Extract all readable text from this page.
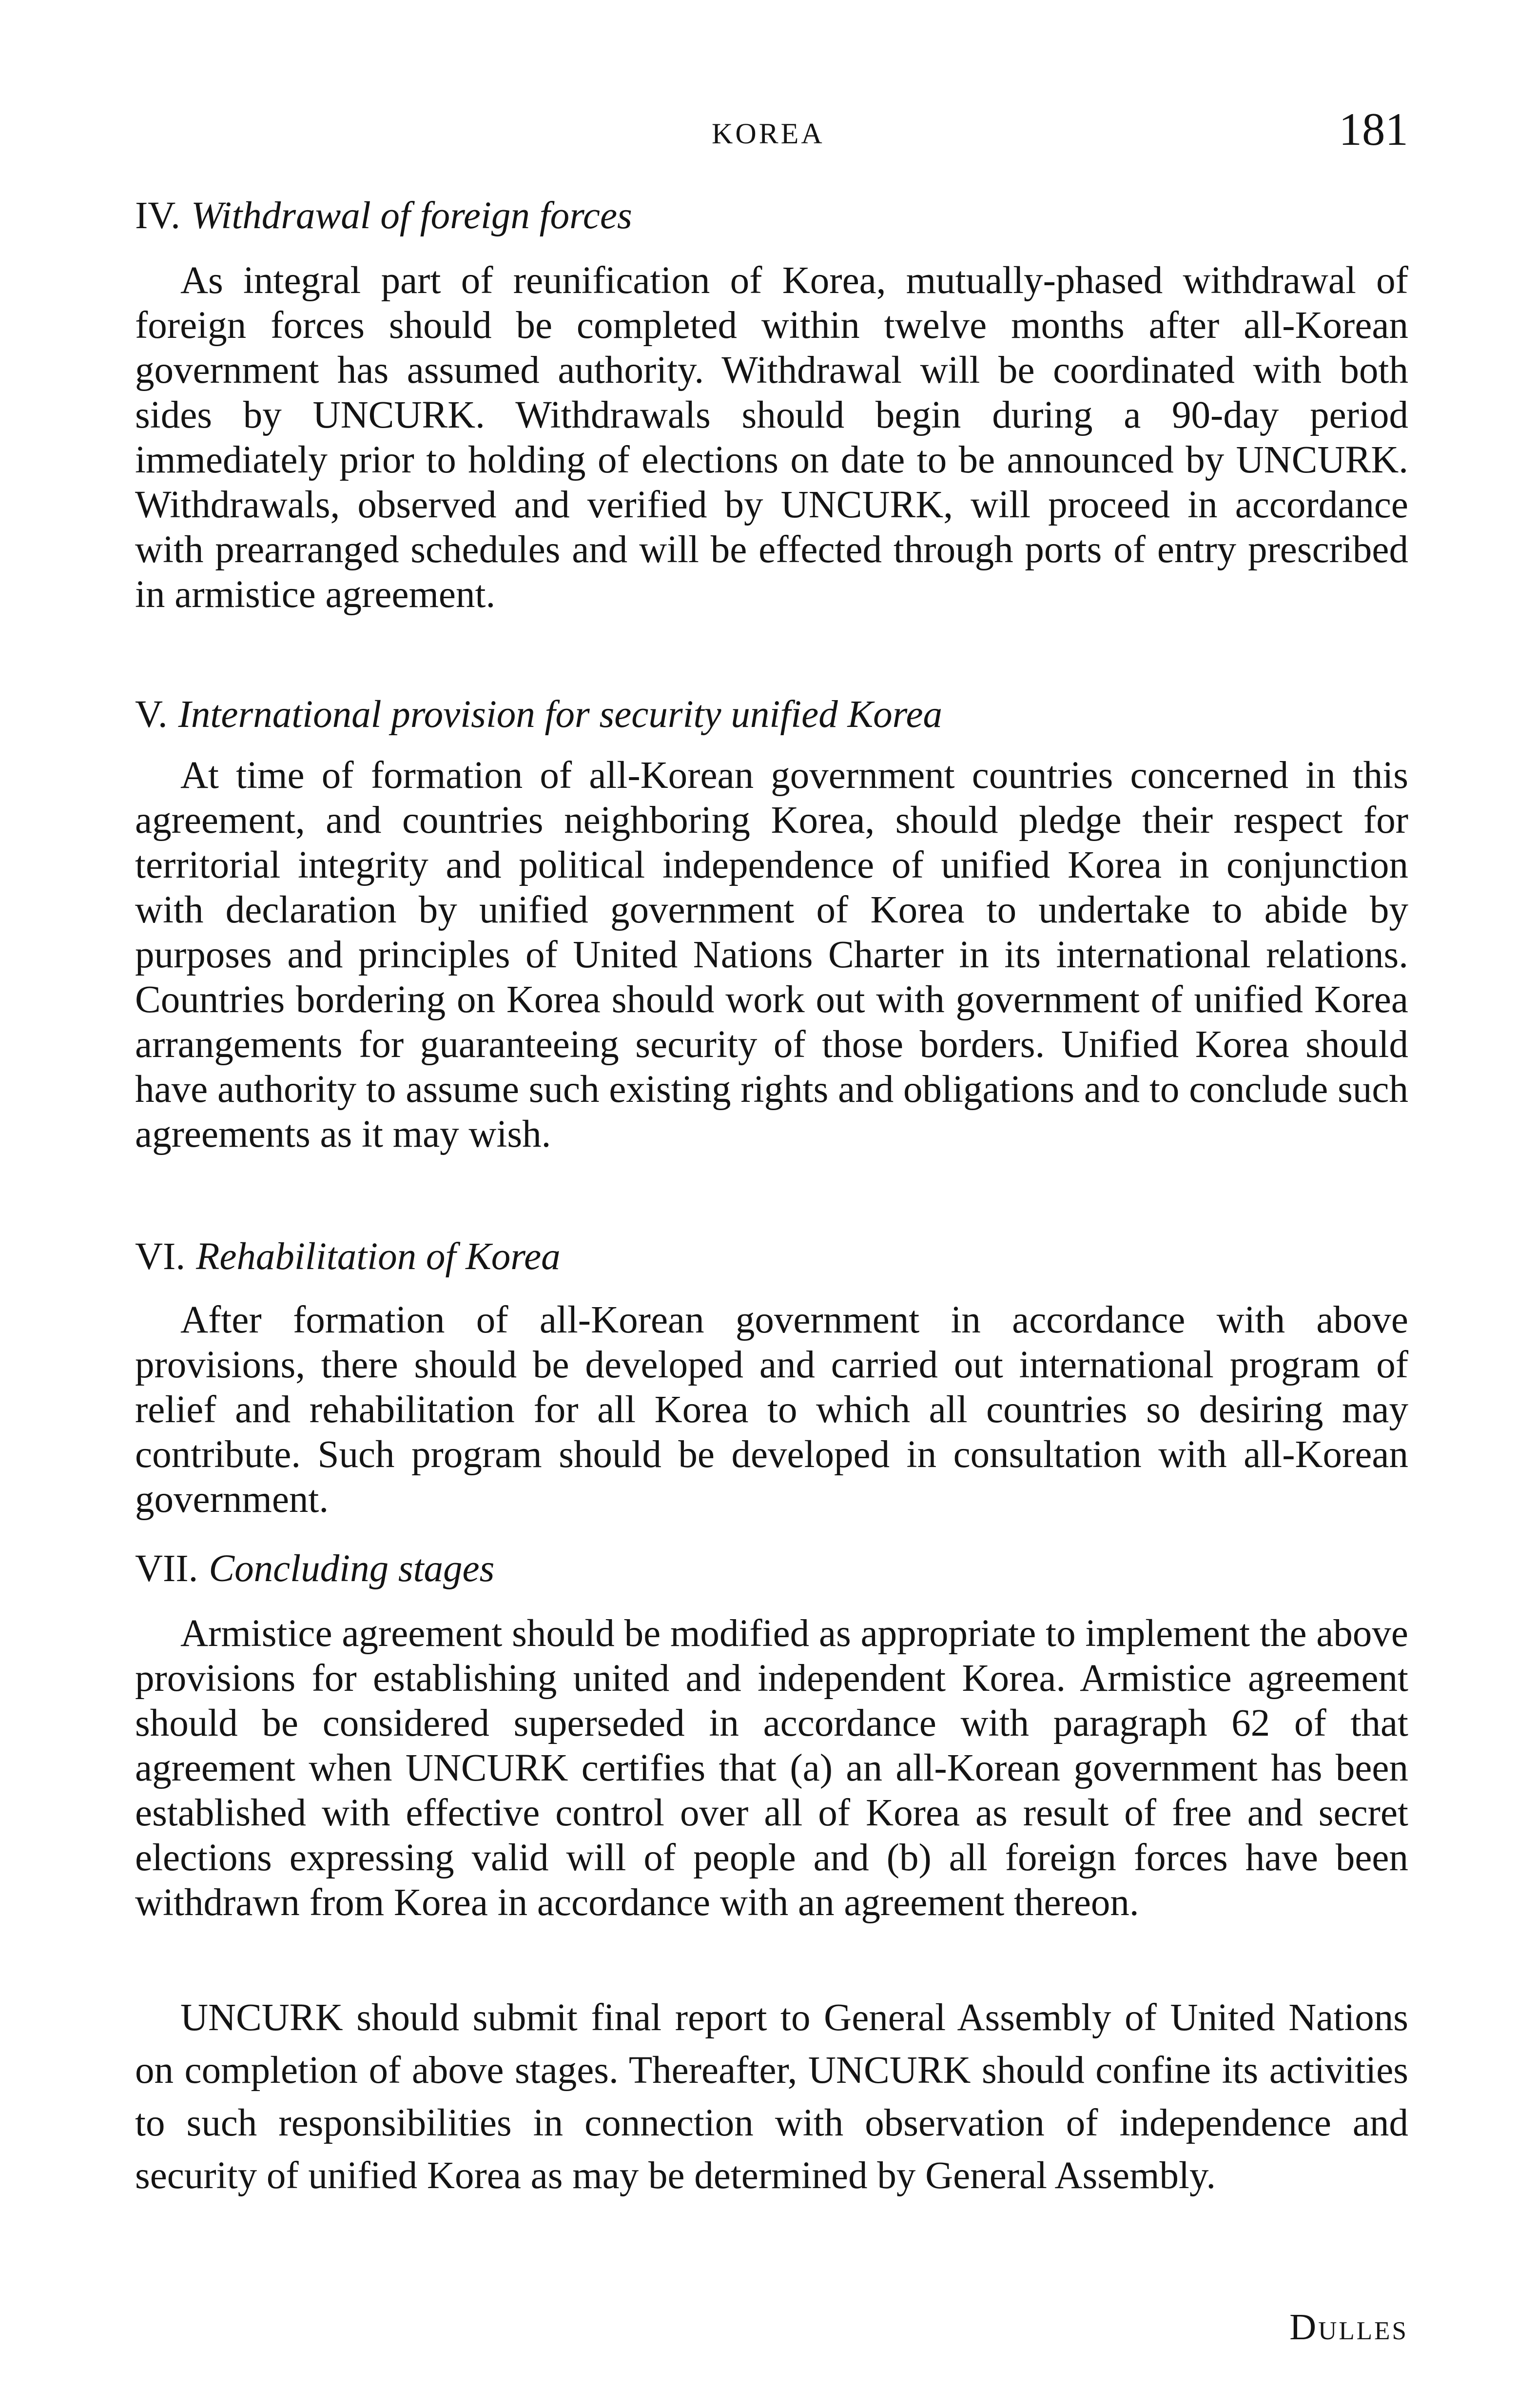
KOREA	181
IV. Withdrawal of foreign forces

As integral part of reunification of Korea, mutually-phased withdrawal of foreign forces should be completed within twelve months after all-Korean government has assumed authority. Withdrawal will be coordinated with both sides by UNCURK. Withdrawals should begin during a 90-day period immediately prior to holding of elections on date to be announced by UNCURK. Withdrawals, observed and verified by UNCURK, will proceed in accordance with prearranged schedules and will be effected through ports of entry prescribed in armistice agreement.

V. International provision for security unified Korea

At time of formation of all-Korean government countries concerned in this agreement, and countries neighboring Korea, should pledge their respect for territorial integrity and political independence of unified Korea in conjunction with declaration by unified government of Korea to undertake to abide by purposes and principles of United Nations Charter in its international relations. Countries bordering on Korea should work out with government of unified Korea arrangements for guaranteeing security of those borders. Unified Korea should have authority to assume such existing rights and obligations and to conclude such agreements as it may wish.

VI. Rehabilitation of Korea

After formation of all-Korean government in accordance with above provisions, there should be developed and carried out international program of relief and rehabilitation for all Korea to which all countries so desiring may contribute. Such program should be developed in consultation with all-Korean government.

VII. Concluding stages

Armistice agreement should be modified as appropriate to implement the above provisions for establishing united and independent Korea. Armistice agreement should be considered superseded in accordance with paragraph 62 of that agreement when UNCURK certifies that (a) an all-Korean government has been established with effective control over all of Korea as result of free and secret elections expressing valid will of people and (b) all foreign forces have been withdrawn from Korea in accordance with an agreement thereon.

UNCURK should submit final report to General Assembly of United Nations on completion of above stages. Thereafter, UNCURK should confine its activities to such responsibilities in connection with observation of independence and security of unified Korea as may be determined by General Assembly.

Dulles
